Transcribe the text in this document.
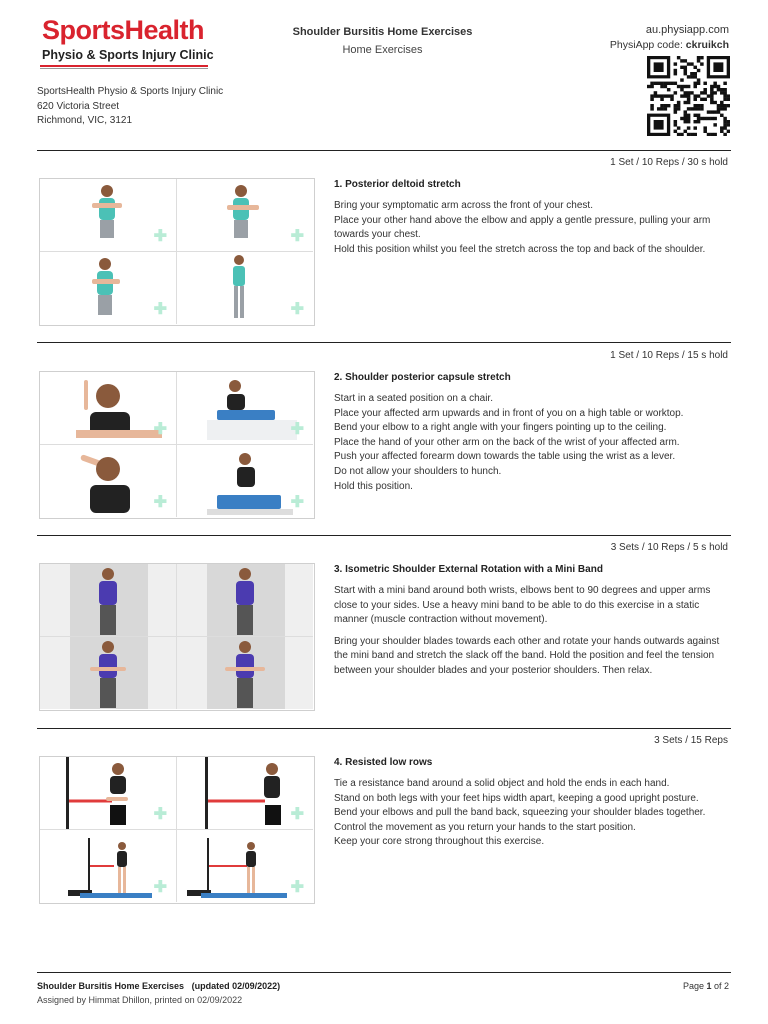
SportsHealth
Physio & Sports Injury Clinic
Shoulder Bursitis Home Exercises
Home Exercises
SportsHealth Physio & Sports Injury Clinic
620 Victoria Street
Richmond, VIC, 3121
au.physiapp.com
PhysiApp code: ckruikch
1 Set / 10 Reps / 30 s hold
1. Posterior deltoid stretch

Bring your symptomatic arm across the front of your chest.

Place your other hand above the elbow and apply a gentle pressure, pulling your arm towards your chest.

Hold this position whilst you feel the stretch across the top and back of the shoulder.

✚	✚
✚	✚
1 Set / 10 Reps / 15 s hold
2. Shoulder posterior capsule stretch

Start in a seated position on a chair.

Place your affected arm upwards and in front of you on a high table or worktop.

Bend your elbow to a right angle with your fingers pointing up to the ceiling.

Place the hand of your other arm on the back of the wrist of your affected arm.

Push your affected forearm down towards the table using the wrist as a lever.

Do not allow your shoulders to hunch.

Hold this position.

✚	✚
✚	✚
3 Sets / 10 Reps / 5 s hold
3. Isometric Shoulder External Rotation with a Mini Band

Start with a mini band around both wrists, elbows bent to 90 degrees and upper arms close to your sides. Use a heavy mini band to be able to do this exercise in a static manner (muscle contraction without movement).

Bring your shoulder blades towards each other and rotate your hands outwards against the mini band and stretch the slack off the band. Hold the position and feel the tension between your shoulder blades and your posterior shoulders. Then relax.

3 Sets / 15 Reps
4. Resisted low rows

Tie a resistance band around a solid object and hold the ends in each hand.

Stand on both legs with your feet hips width apart, keeping a good upright posture.

Bend your elbows and pull the band back, squeezing your shoulder blades together.

Control the movement as you return your hands to the start position.

Keep your core strong throughout this exercise.

✚	✚
✚	✚
Shoulder Bursitis Home Exercises (updated 02/09/2022)
Assigned by Himmat Dhillon, printed on 02/09/2022
Page 1 of 2
